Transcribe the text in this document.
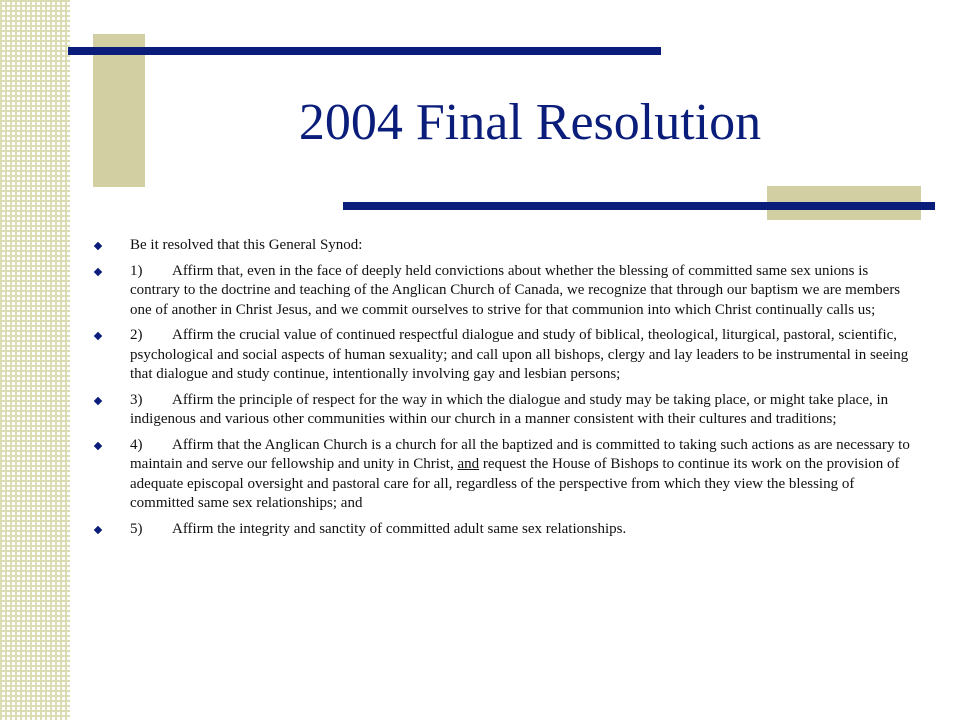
2004 Final Resolution
Be it resolved that this General Synod:
1) Affirm that, even in the face of deeply held convictions about whether the blessing of committed same sex unions is contrary to the doctrine and teaching of the Anglican Church of Canada, we recognize that through our baptism we are members one of another in Christ Jesus, and we commit ourselves to strive for that communion into which Christ continually calls us;
2) Affirm the crucial value of continued respectful dialogue and study of biblical, theological, liturgical, pastoral, scientific, psychological and social aspects of human sexuality; and call upon all bishops, clergy and lay leaders to be instrumental in seeing that dialogue and study continue, intentionally involving gay and lesbian persons;
3) Affirm the principle of respect for the way in which the dialogue and study may be taking place, or might take place, in indigenous and various other communities within our church in a manner consistent with their cultures and traditions;
4) Affirm that the Anglican Church is a church for all the baptized and is committed to taking such actions as are necessary to maintain and serve our fellowship and unity in Christ, and request the House of Bishops to continue its work on the provision of adequate episcopal oversight and pastoral care for all, regardless of the perspective from which they view the blessing of committed same sex relationships; and
5) Affirm the integrity and sanctity of committed adult same sex relationships.
